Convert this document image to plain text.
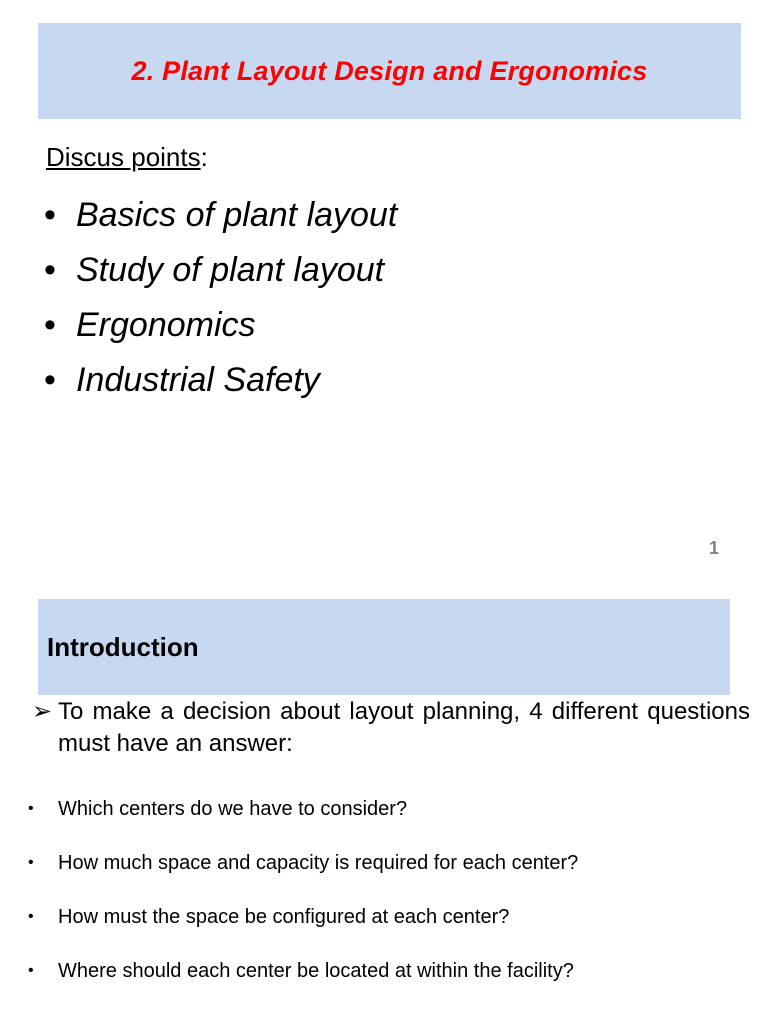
2. Plant Layout Design and Ergonomics
Discus points:
• Basics of plant layout
• Study of plant layout
• Ergonomics
• Industrial Safety
1
Introduction
➢ To make a decision about layout planning, 4 different questions must have an answer:
•	Which centers do we have to consider?
•	How much space and capacity is required for each center?
•	How must the space be configured at each center?
•	Where should each center be located at within the facility?
